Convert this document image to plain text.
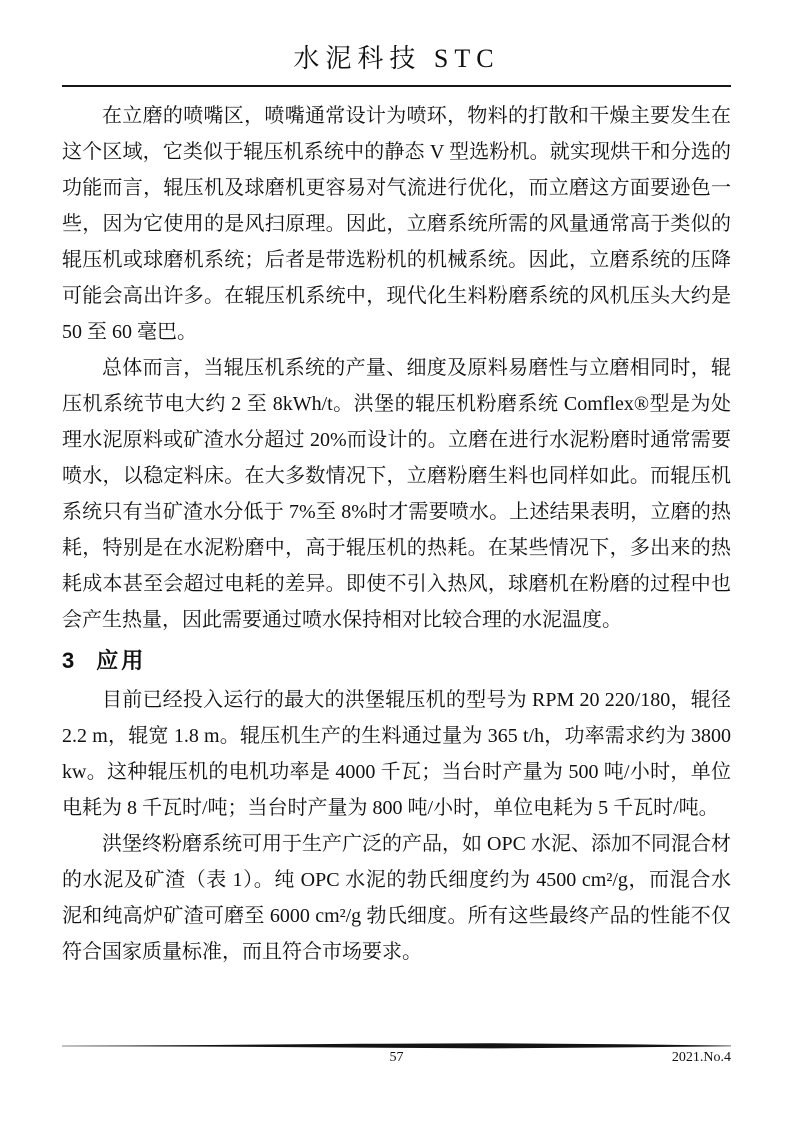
水泥科技 STC

在立磨的喷嘴区，喷嘴通常设计为喷环，物料的打散和干燥主要发生在这个区域，它类似于辊压机系统中的静态 V 型选粉机。就实现烘干和分选的功能而言，辊压机及球磨机更容易对气流进行优化，而立磨这方面要逊色一些，因为它使用的是风扫原理。因此，立磨系统所需的风量通常高于类似的辊压机或球磨机系统；后者是带选粉机的机械系统。因此，立磨系统的压降可能会高出许多。在辊压机系统中，现代化生料粉磨系统的风机压头大约是 50 至 60 毫巴。

总体而言，当辊压机系统的产量、细度及原料易磨性与立磨相同时，辊压机系统节电大约 2 至 8kWh/t。洪堡的辊压机粉磨系统 Comflex®型是为处理水泥原料或矿渣水分超过 20%而设计的。立磨在进行水泥粉磨时通常需要喷水，以稳定料床。在大多数情况下，立磨粉磨生料也同样如此。而辊压机系统只有当矿渣水分低于 7%至 8%时才需要喷水。上述结果表明，立磨的热耗，特别是在水泥粉磨中，高于辊压机的热耗。在某些情况下，多出来的热耗成本甚至会超过电耗的差异。即使不引入热风，球磨机在粉磨的过程中也会产生热量，因此需要通过喷水保持相对比较合理的水泥温度。

3 应用

目前已经投入运行的最大的洪堡辊压机的型号为 RPM 20 220/180，辊径 2.2 m，辊宽 1.8 m。辊压机生产的生料通过量为 365 t/h，功率需求约为 3800 kw。这种辊压机的电机功率是 4000 千瓦；当台时产量为 500 吨/小时，单位电耗为 8 千瓦时/吨；当台时产量为 800 吨/小时，单位电耗为 5 千瓦时/吨。

洪堡终粉磨系统可用于生产广泛的产品，如 OPC 水泥、添加不同混合材的水泥及矿渣（表 1）。纯 OPC 水泥的勃氏细度约为 4500 cm²/g，而混合水泥和纯高炉矿渣可磨至 6000 cm²/g 勃氏细度。所有这些最终产品的性能不仅符合国家质量标准，而且符合市场要求。

57	2021.No.4
